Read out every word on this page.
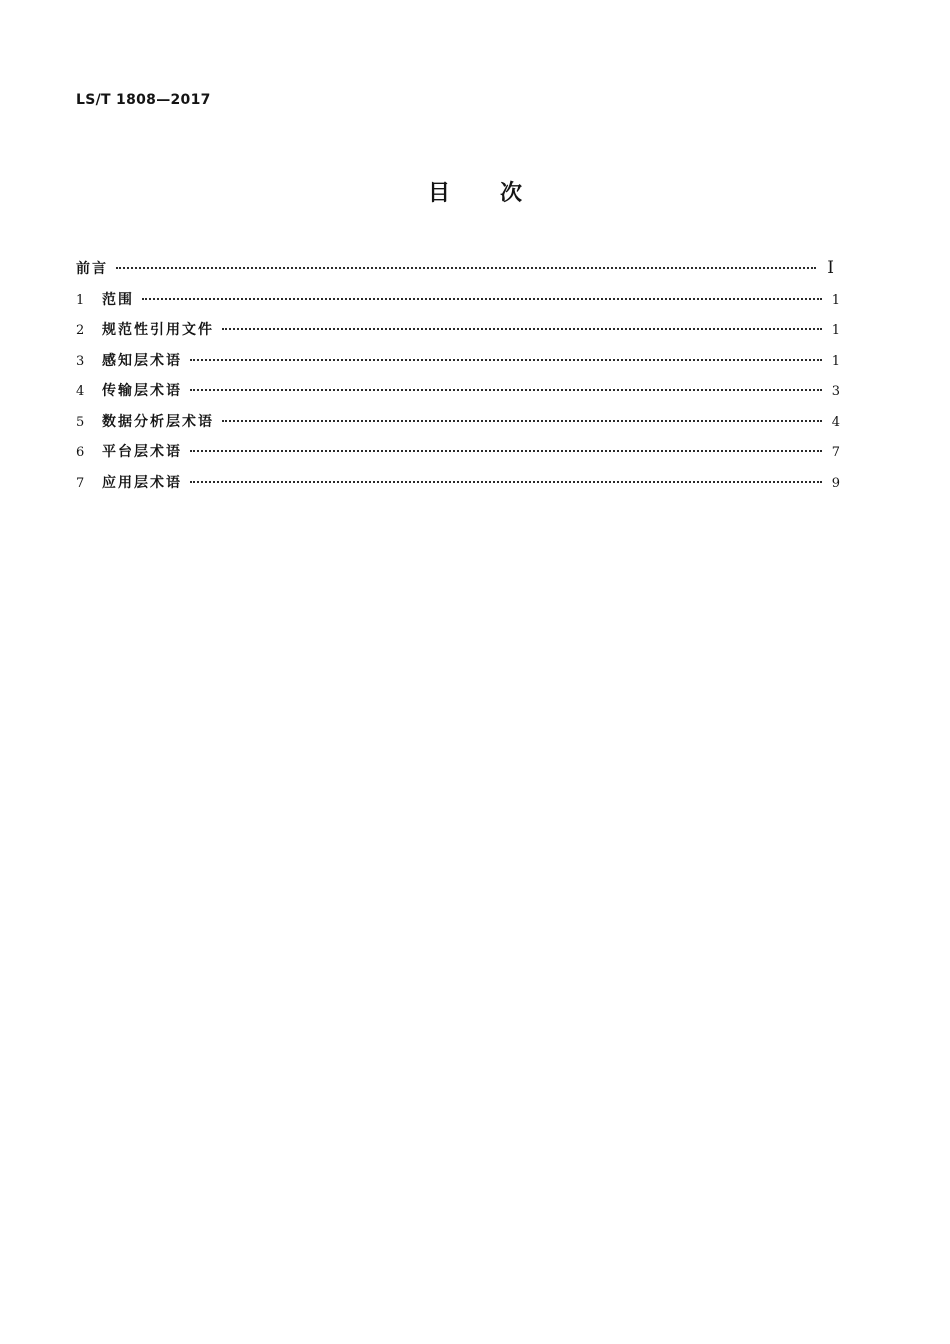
LS/T 1808—2017
目次
前言	I
1	范围	1
2	规范性引用文件	1
3	感知层术语	1
4	传输层术语	3
5	数据分析层术语	4
6	平台层术语	7
7	应用层术语	9
